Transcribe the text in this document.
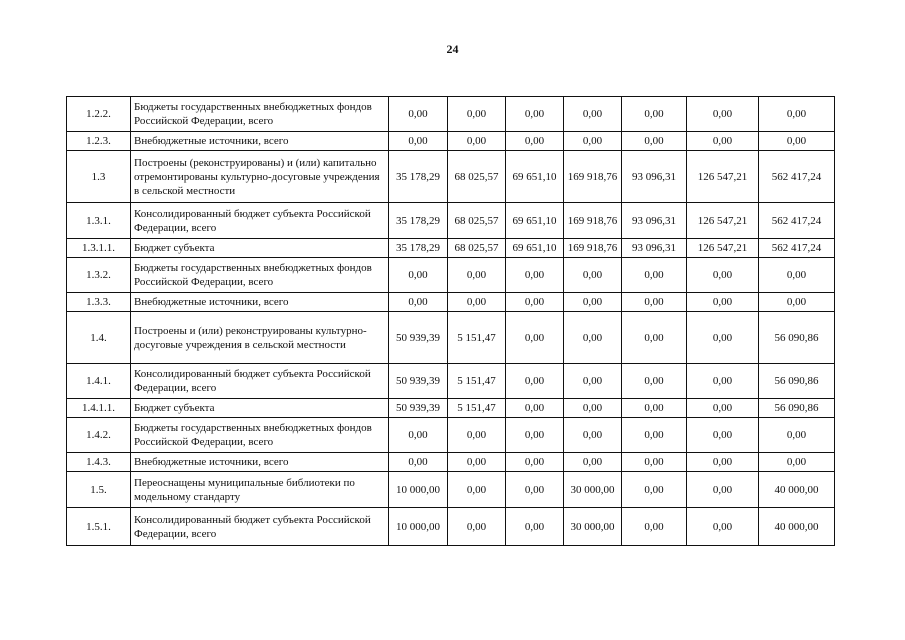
24
1.2.2.	Бюджеты государственных внебюджетных фондов Российской Федерации, всего	0,00	0,00	0,00	0,00	0,00	0,00	0,00
1.2.3.	Внебюджетные источники, всего	0,00	0,00	0,00	0,00	0,00	0,00	0,00
1.3	Построены (реконструированы) и (или) капитально отремонтированы культурно-досуговые учреждения в сельской местности	35 178,29	68 025,57	69 651,10	169 918,76	93 096,31	126 547,21	562 417,24
1.3.1.	Консолидированный бюджет субъекта Российской Федерации, всего	35 178,29	68 025,57	69 651,10	169 918,76	93 096,31	126 547,21	562 417,24
1.3.1.1.	Бюджет субъекта	35 178,29	68 025,57	69 651,10	169 918,76	93 096,31	126 547,21	562 417,24
1.3.2.	Бюджеты государственных внебюджетных фондов Российской Федерации, всего	0,00	0,00	0,00	0,00	0,00	0,00	0,00
1.3.3.	Внебюджетные источники, всего	0,00	0,00	0,00	0,00	0,00	0,00	0,00
1.4.	Построены и (или) реконструированы культурно-досуговые учреждения в сельской местности	50 939,39	5 151,47	0,00	0,00	0,00	0,00	56 090,86
1.4.1.	Консолидированный бюджет субъекта Российской Федерации, всего	50 939,39	5 151,47	0,00	0,00	0,00	0,00	56 090,86
1.4.1.1.	Бюджет субъекта	50 939,39	5 151,47	0,00	0,00	0,00	0,00	56 090,86
1.4.2.	Бюджеты государственных внебюджетных фондов Российской Федерации, всего	0,00	0,00	0,00	0,00	0,00	0,00	0,00
1.4.3.	Внебюджетные источники, всего	0,00	0,00	0,00	0,00	0,00	0,00	0,00
1.5.	Переоснащены муниципальные библиотеки по модельному стандарту	10 000,00	0,00	0,00	30 000,00	0,00	0,00	40 000,00
1.5.1.	Консолидированный бюджет субъекта Российской Федерации, всего	10 000,00	0,00	0,00	30 000,00	0,00	0,00	40 000,00
